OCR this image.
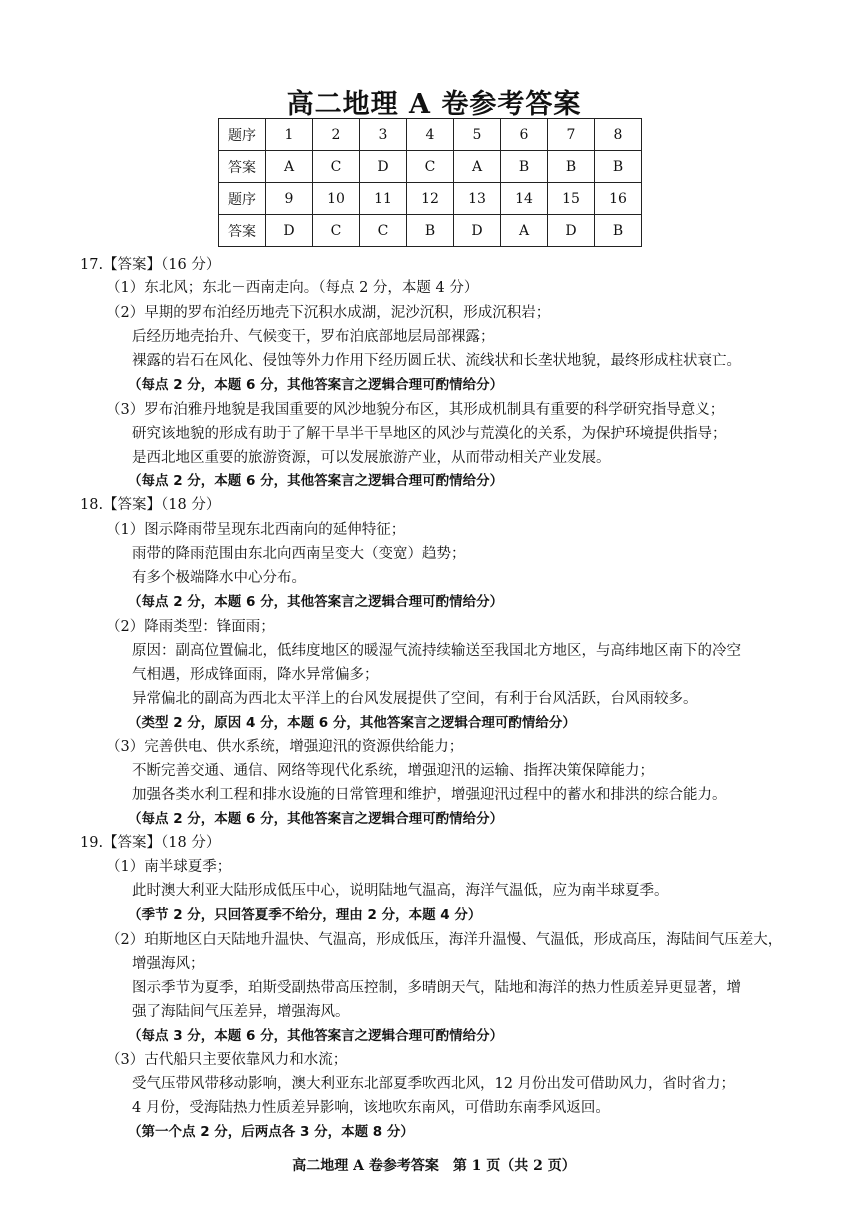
高二地理 A 卷参考答案
题序	1	2	3	4	5	6	7	8
答案	A	C	D	C	A	B	B	B
题序	9	10	11	12	13	14	15	16
答案	D	C	C	B	D	A	D	B
17.【答案】（16 分）
（1）东北风；东北－西南走向。（每点 2 分，本题 4 分）
（2）早期的罗布泊经历地壳下沉积水成湖，泥沙沉积，形成沉积岩；
后经历地壳抬升、气候变干，罗布泊底部地层局部裸露；
裸露的岩石在风化、侵蚀等外力作用下经历圆丘状、流线状和长垄状地貌，最终形成柱状衰亡。
（每点 2 分，本题 6 分，其他答案言之逻辑合理可酌情给分）
（3）罗布泊雅丹地貌是我国重要的风沙地貌分布区，其形成机制具有重要的科学研究指导意义；
研究该地貌的形成有助于了解干旱半干旱地区的风沙与荒漠化的关系，为保护环境提供指导；
是西北地区重要的旅游资源，可以发展旅游产业，从而带动相关产业发展。
（每点 2 分，本题 6 分，其他答案言之逻辑合理可酌情给分）
18.【答案】（18 分）
（1）图示降雨带呈现东北西南向的延伸特征；
雨带的降雨范围由东北向西南呈变大（变宽）趋势；
有多个极端降水中心分布。
（每点 2 分，本题 6 分，其他答案言之逻辑合理可酌情给分）
（2）降雨类型：锋面雨；
原因：副高位置偏北，低纬度地区的暖湿气流持续输送至我国北方地区，与高纬地区南下的冷空
气相遇，形成锋面雨，降水异常偏多；
异常偏北的副高为西北太平洋上的台风发展提供了空间，有利于台风活跃，台风雨较多。
（类型 2 分，原因 4 分，本题 6 分，其他答案言之逻辑合理可酌情给分）
（3）完善供电、供水系统，增强迎汛的资源供给能力；
不断完善交通、通信、网络等现代化系统，增强迎汛的运输、指挥决策保障能力；
加强各类水利工程和排水设施的日常管理和维护，增强迎汛过程中的蓄水和排洪的综合能力。
（每点 2 分，本题 6 分，其他答案言之逻辑合理可酌情给分）
19.【答案】（18 分）
（1）南半球夏季；
此时澳大利亚大陆形成低压中心，说明陆地气温高，海洋气温低，应为南半球夏季。
（季节 2 分，只回答夏季不给分，理由 2 分，本题 4 分）
（2）珀斯地区白天陆地升温快、气温高，形成低压，海洋升温慢、气温低，形成高压，海陆间气压差大，
增强海风；
图示季节为夏季，珀斯受副热带高压控制，多晴朗天气，陆地和海洋的热力性质差异更显著，增
强了海陆间气压差异，增强海风。
（每点 3 分，本题 6 分，其他答案言之逻辑合理可酌情给分）
（3）古代船只主要依靠风力和水流；
受气压带风带移动影响，澳大利亚东北部夏季吹西北风，12 月份出发可借助风力，省时省力；
4 月份，受海陆热力性质差异影响，该地吹东南风，可借助东南季风返回。
（第一个点 2 分，后两点各 3 分，本题 8 分）
高二地理 A 卷参考答案　第 1 页（共 2 页）
